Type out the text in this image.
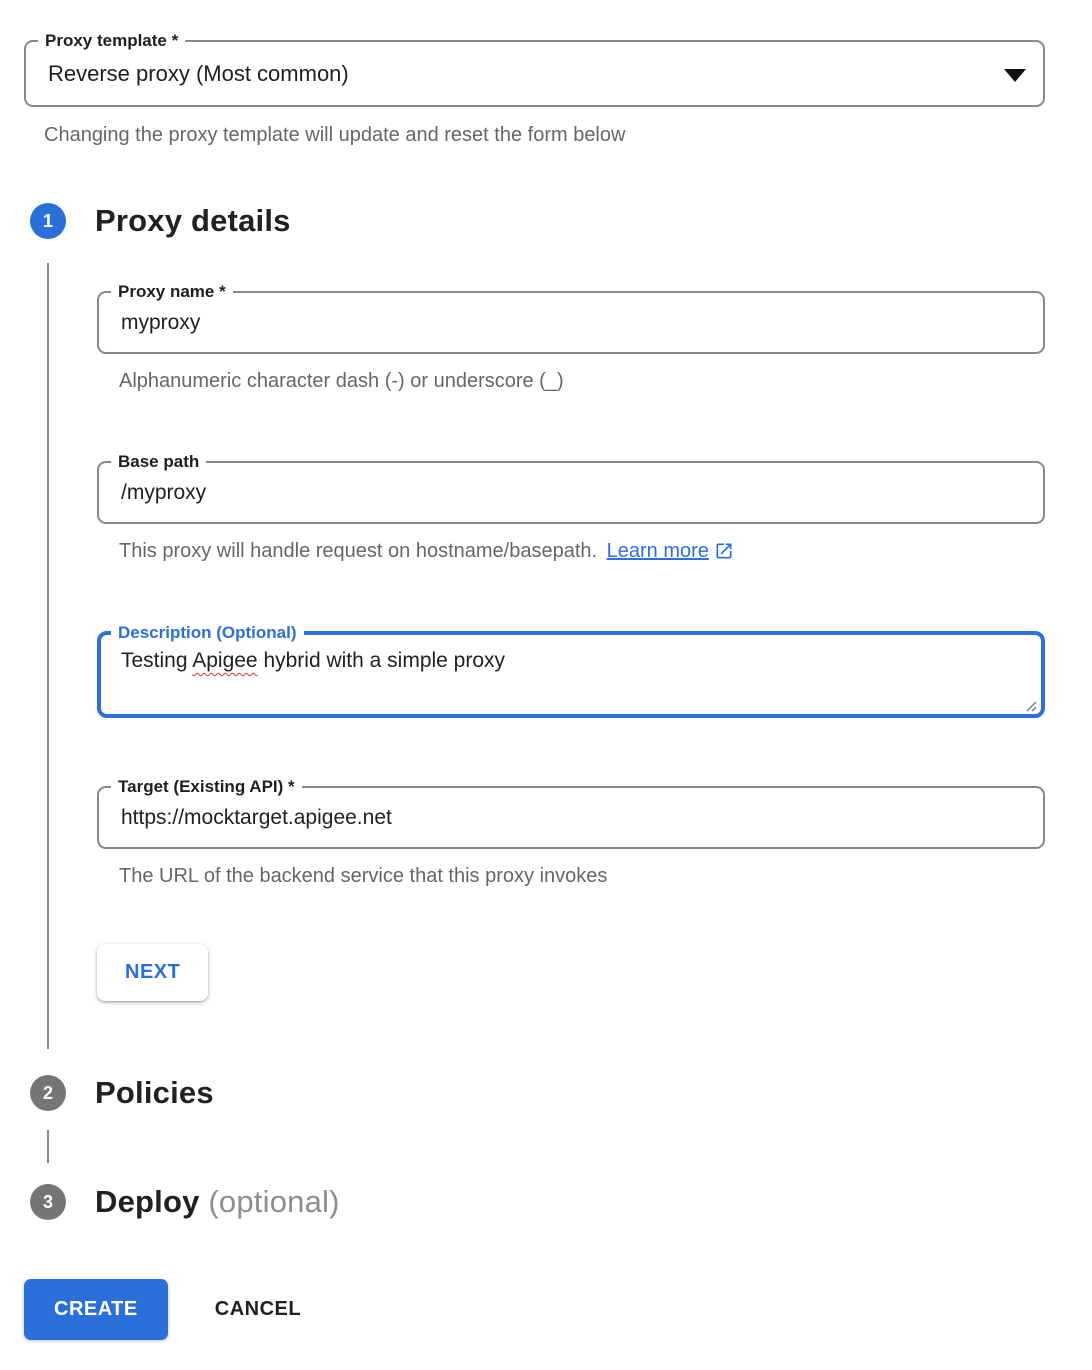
Proxy template *
Reverse proxy (Most common)
Changing the proxy template will update and reset the form below
1	Proxy details
Proxy name *
myproxy
Alphanumeric character dash (-) or underscore (_)
Base path
/myproxy
This proxy will handle request on hostname/basepath. Learn more
Description (Optional)
Testing Apigee hybrid with a simple proxy
Target (Existing API) *
https://mocktarget.apigee.net
The URL of the backend service that this proxy invokes
NEXT
2	Policies
3	Deploy (optional)
CREATE	CANCEL
